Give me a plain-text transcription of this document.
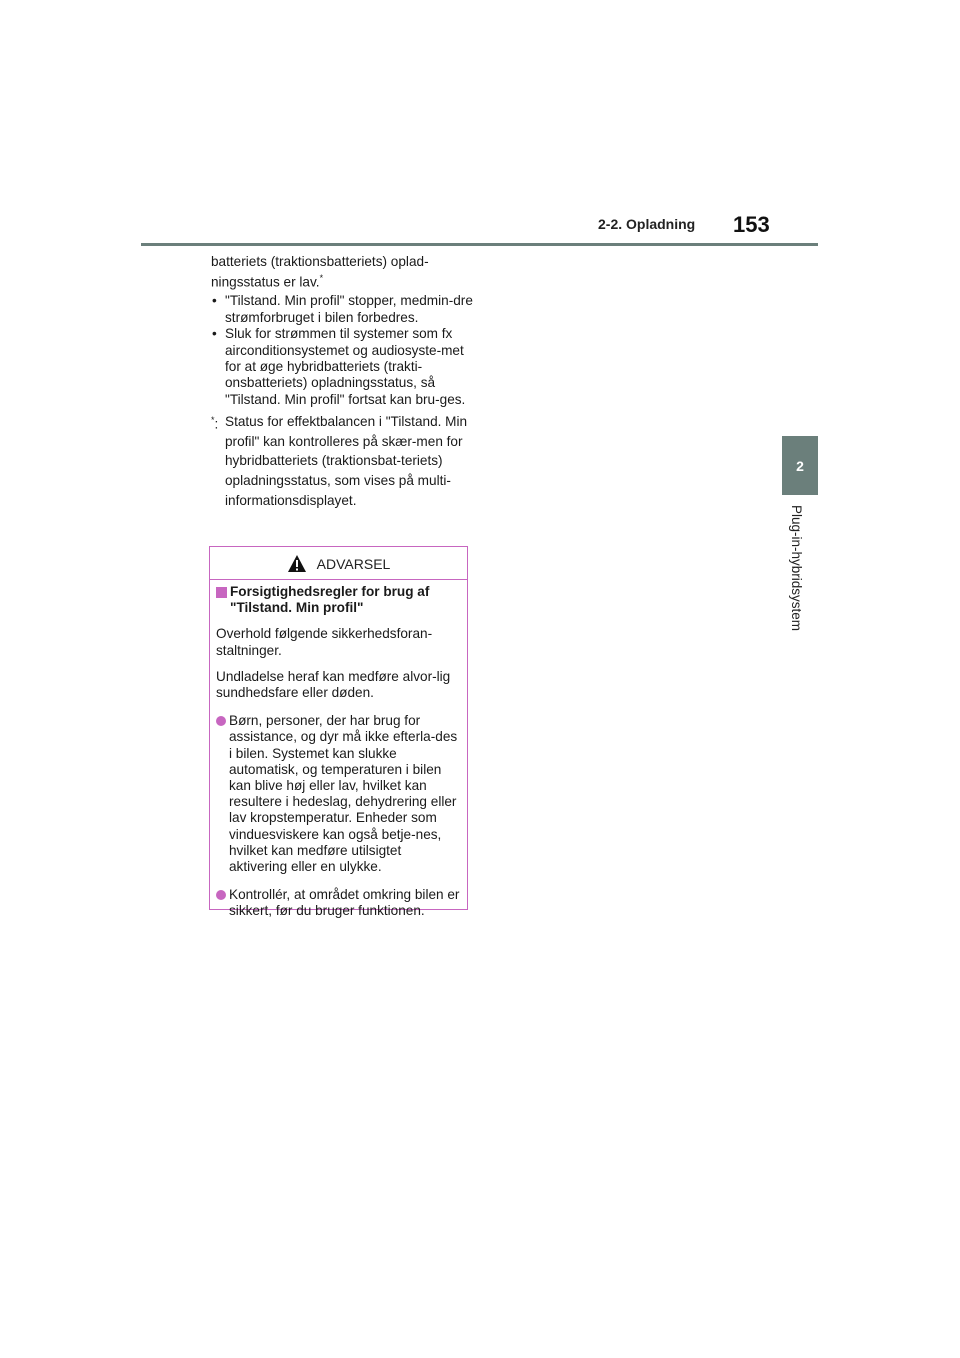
2-2. Opladning 153
2
Plug-in-hybridsystem

batteriets (traktionsbatteriets) oplad-
ningsstatus er lav.*

• "Tilstand. Min profil" stopper, medmin-dre strømforbruget i bilen forbedres.
• Sluk for strømmen til systemer som fx airconditionsystemet og audiosyste-met for at øge hybridbatteriets (trakti-onsbatteriets) opladningsstatus, så "Tilstand. Min profil" fortsat kan bru-ges.

*: Status for effektbalancen i "Tilstand. Min profil" kan kontrolleres på skær-men for hybridbatteriets (traktionsbat-teriets) opladningsstatus, som vises på multi-informationsdisplayet.

ADVARSEL
Forsigtighedsregler for brug af "Tilstand. Min profil"

Overhold følgende sikkerhedsforan-staltninger.

Undladelse heraf kan medføre alvor-lig sundhedsfare eller døden.

Børn, personer, der har brug for assistance, og dyr må ikke efterla-des i bilen. Systemet kan slukke automatisk, og temperaturen i bilen kan blive høj eller lav, hvilket kan resultere i hedeslag, dehydrering eller lav kropstemperatur. Enheder som vinduesviskere kan også betje-nes, hvilket kan medføre utilsigtet aktivering eller en ulykke.
Kontrollér, at området omkring bilen er sikkert, før du bruger funktionen.
